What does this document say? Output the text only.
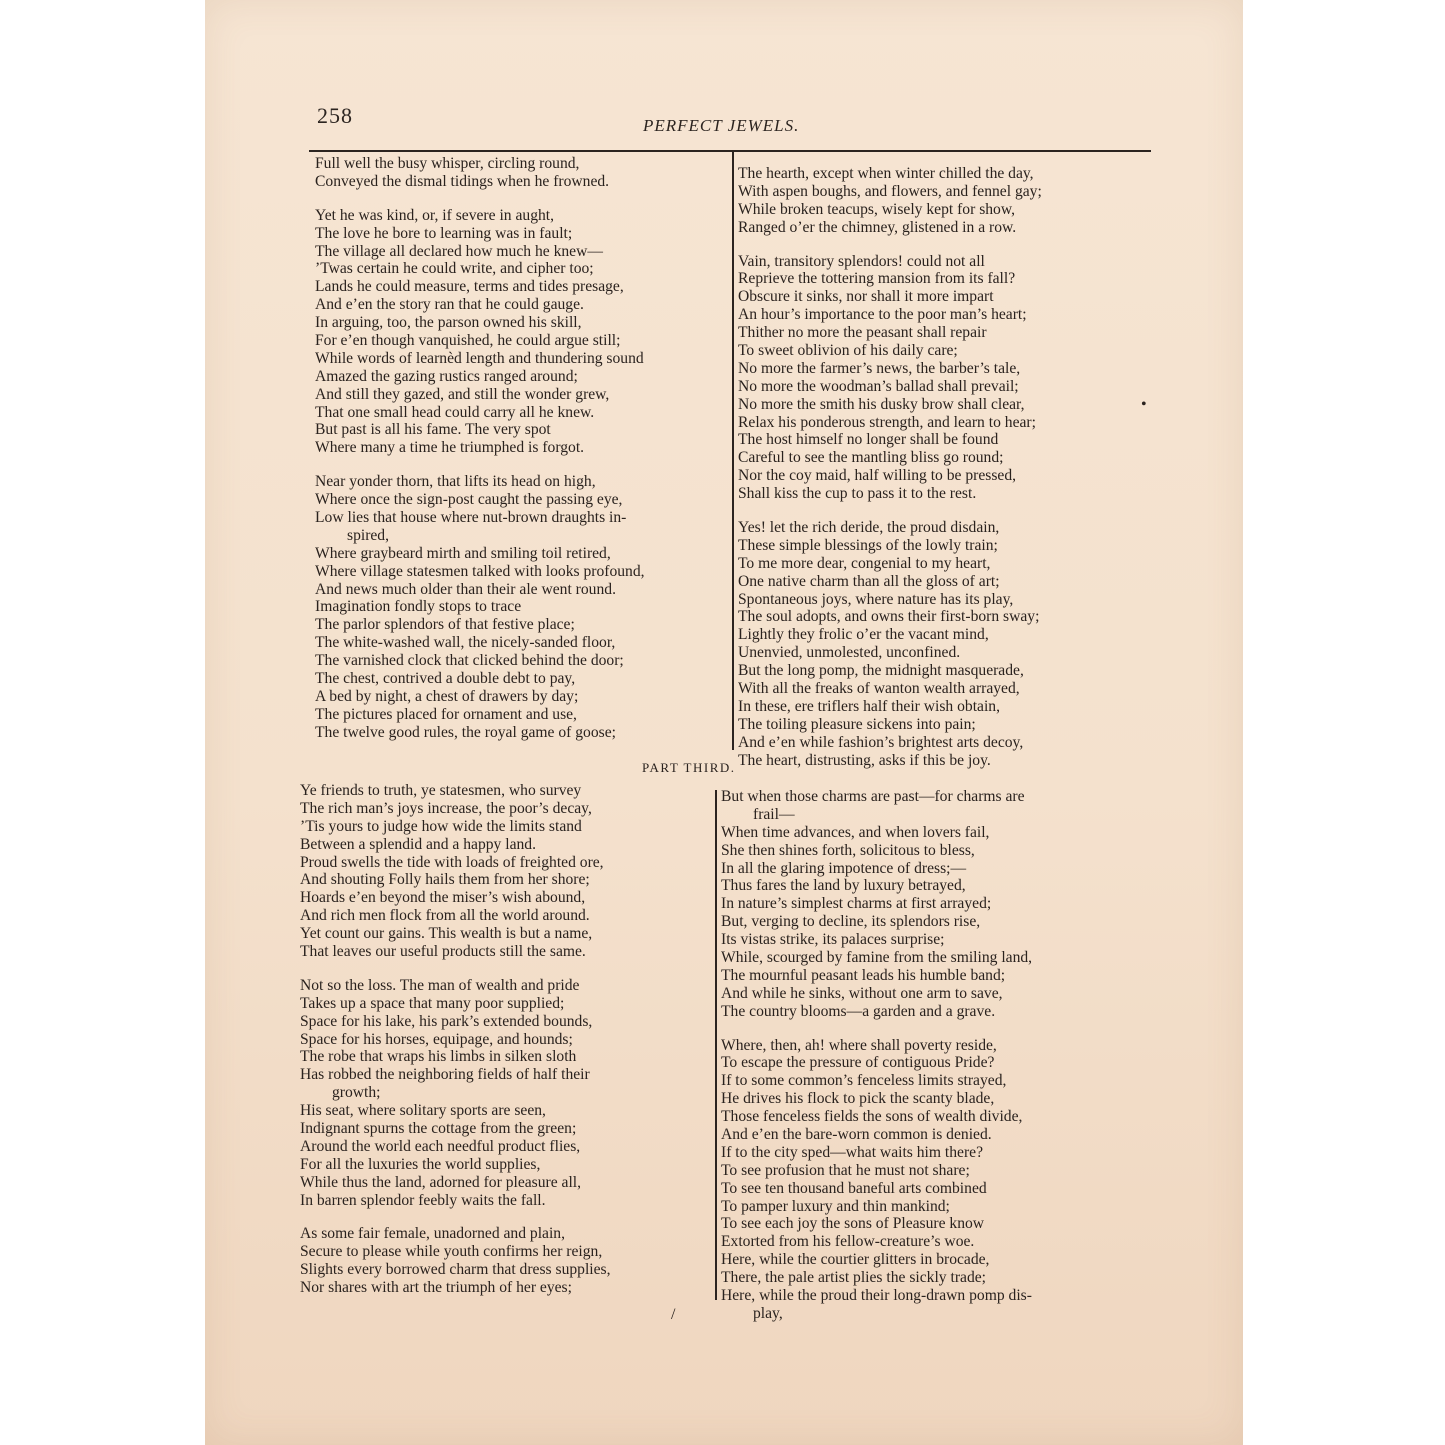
258	PERFECT JEWELS.
Full well the busy whisper, circling round,
Conveyed the dismal tidings when he frowned.
Yet he was kind, or, if severe in aught,
The love he bore to learning was in fault;
The village all declared how much he knew—
’Twas certain he could write, and cipher too;
Lands he could measure, terms and tides presage,
And e’en the story ran that he could gauge.
In arguing, too, the parson owned his skill,
For e’en though vanquished, he could argue still;
While words of learnèd length and thundering sound
Amazed the gazing rustics ranged around;
And still they gazed, and still the wonder grew,
That one small head could carry all he knew.
But past is all his fame. The very spot
Where many a time he triumphed is forgot.
Near yonder thorn, that lifts its head on high,
Where once the sign-post caught the passing eye,
Low lies that house where nut-brown draughts in-
spired,
Where graybeard mirth and smiling toil retired,
Where village statesmen talked with looks profound,
And news much older than their ale went round.
Imagination fondly stops to trace
The parlor splendors of that festive place;
The white-washed wall, the nicely-sanded floor,
The varnished clock that clicked behind the door;
The chest, contrived a double debt to pay,
A bed by night, a chest of drawers by day;
The pictures placed for ornament and use,
The twelve good rules, the royal game of goose;
The hearth, except when winter chilled the day,
With aspen boughs, and flowers, and fennel gay;
While broken teacups, wisely kept for show,
Ranged o’er the chimney, glistened in a row.
Vain, transitory splendors! could not all
Reprieve the tottering mansion from its fall?
Obscure it sinks, nor shall it more impart
An hour’s importance to the poor man’s heart;
Thither no more the peasant shall repair
To sweet oblivion of his daily care;
No more the farmer’s news, the barber’s tale,
No more the woodman’s ballad shall prevail;
No more the smith his dusky brow shall clear,
Relax his ponderous strength, and learn to hear;
The host himself no longer shall be found
Careful to see the mantling bliss go round;
Nor the coy maid, half willing to be pressed,
Shall kiss the cup to pass it to the rest.
Yes! let the rich deride, the proud disdain,
These simple blessings of the lowly train;
To me more dear, congenial to my heart,
One native charm than all the gloss of art;
Spontaneous joys, where nature has its play,
The soul adopts, and owns their first-born sway;
Lightly they frolic o’er the vacant mind,
Unenvied, unmolested, unconfined.
But the long pomp, the midnight masquerade,
With all the freaks of wanton wealth arrayed,
In these, ere triflers half their wish obtain,
The toiling pleasure sickens into pain;
And e’en while fashion’s brightest arts decoy,
The heart, distrusting, asks if this be joy.
PART THIRD.
Ye friends to truth, ye statesmen, who survey
The rich man’s joys increase, the poor’s decay,
’Tis yours to judge how wide the limits stand
Between a splendid and a happy land.
Proud swells the tide with loads of freighted ore,
And shouting Folly hails them from her shore;
Hoards e’en beyond the miser’s wish abound,
And rich men flock from all the world around.
Yet count our gains. This wealth is but a name,
That leaves our useful products still the same.
Not so the loss. The man of wealth and pride
Takes up a space that many poor supplied;
Space for his lake, his park’s extended bounds,
Space for his horses, equipage, and hounds;
The robe that wraps his limbs in silken sloth
Has robbed the neighboring fields of half their
growth;
His seat, where solitary sports are seen,
Indignant spurns the cottage from the green;
Around the world each needful product flies,
For all the luxuries the world supplies,
While thus the land, adorned for pleasure all,
In barren splendor feebly waits the fall.
As some fair female, unadorned and plain,
Secure to please while youth confirms her reign,
Slights every borrowed charm that dress supplies,
Nor shares with art the triumph of her eyes;
But when those charms are past—for charms are
frail—
When time advances, and when lovers fail,
She then shines forth, solicitous to bless,
In all the glaring impotence of dress;—
Thus fares the land by luxury betrayed,
In nature’s simplest charms at first arrayed;
But, verging to decline, its splendors rise,
Its vistas strike, its palaces surprise;
While, scourged by famine from the smiling land,
The mournful peasant leads his humble band;
And while he sinks, without one arm to save,
The country blooms—a garden and a grave.
Where, then, ah! where shall poverty reside,
To escape the pressure of contiguous Pride?
If to some common’s fenceless limits strayed,
He drives his flock to pick the scanty blade,
Those fenceless fields the sons of wealth divide,
And e’en the bare-worn common is denied.
If to the city sped—what waits him there?
To see profusion that he must not share;
To see ten thousand baneful arts combined
To pamper luxury and thin mankind;
To see each joy the sons of Pleasure know
Extorted from his fellow-creature’s woe.
Here, while the courtier glitters in brocade,
There, the pale artist plies the sickly trade;
Here, while the proud their long-drawn pomp dis-
play,
•
/
